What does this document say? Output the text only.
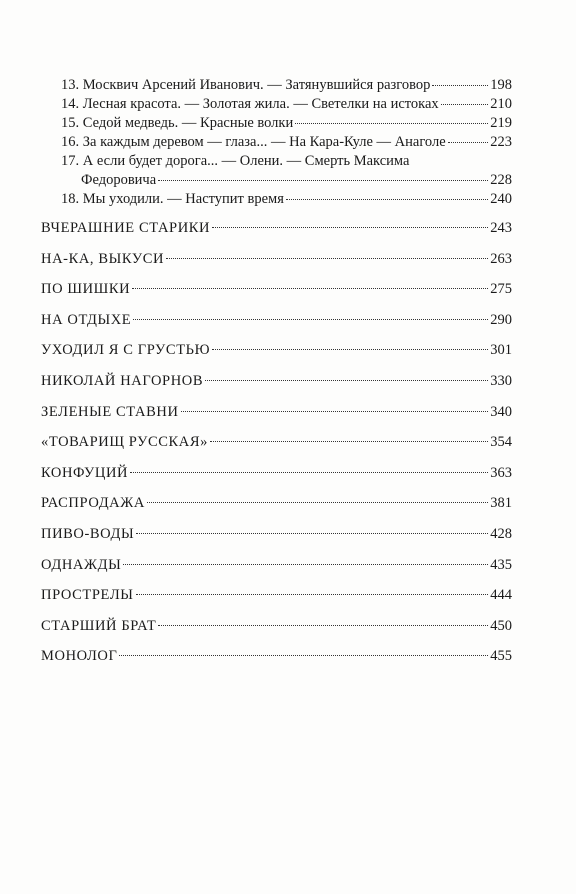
13. Москвич Арсений Иванович. — Затянувшийся разговор	198
14. Лесная красота. — Золотая жила. — Светелки на истоках	210
15. Седой медведь. — Красные волки	219
16. За каждым деревом — глаза... — На Кара-Куле — Анаголе	223
17. А если будет дорога... — Олени. — Смерть Максима
Федоровича	228
18. Мы уходили. — Наступит время	240
ВЧЕРАШНИЕ СТАРИКИ	243
НА-КА, ВЫКУСИ	263
ПО ШИШКИ	275
НА ОТДЫХЕ	290
УХОДИЛ Я С ГРУСТЬЮ	301
НИКОЛАЙ НАГОРНОВ	330
ЗЕЛЕНЫЕ СТАВНИ	340
«ТОВАРИЩ РУССКАЯ»	354
КОНФУЦИЙ	363
РАСПРОДАЖА	381
ПИВО-ВОДЫ	428
ОДНАЖДЫ	435
ПРОСТРЕЛЫ	444
СТАРШИЙ БРАТ	450
МОНОЛОГ	455
